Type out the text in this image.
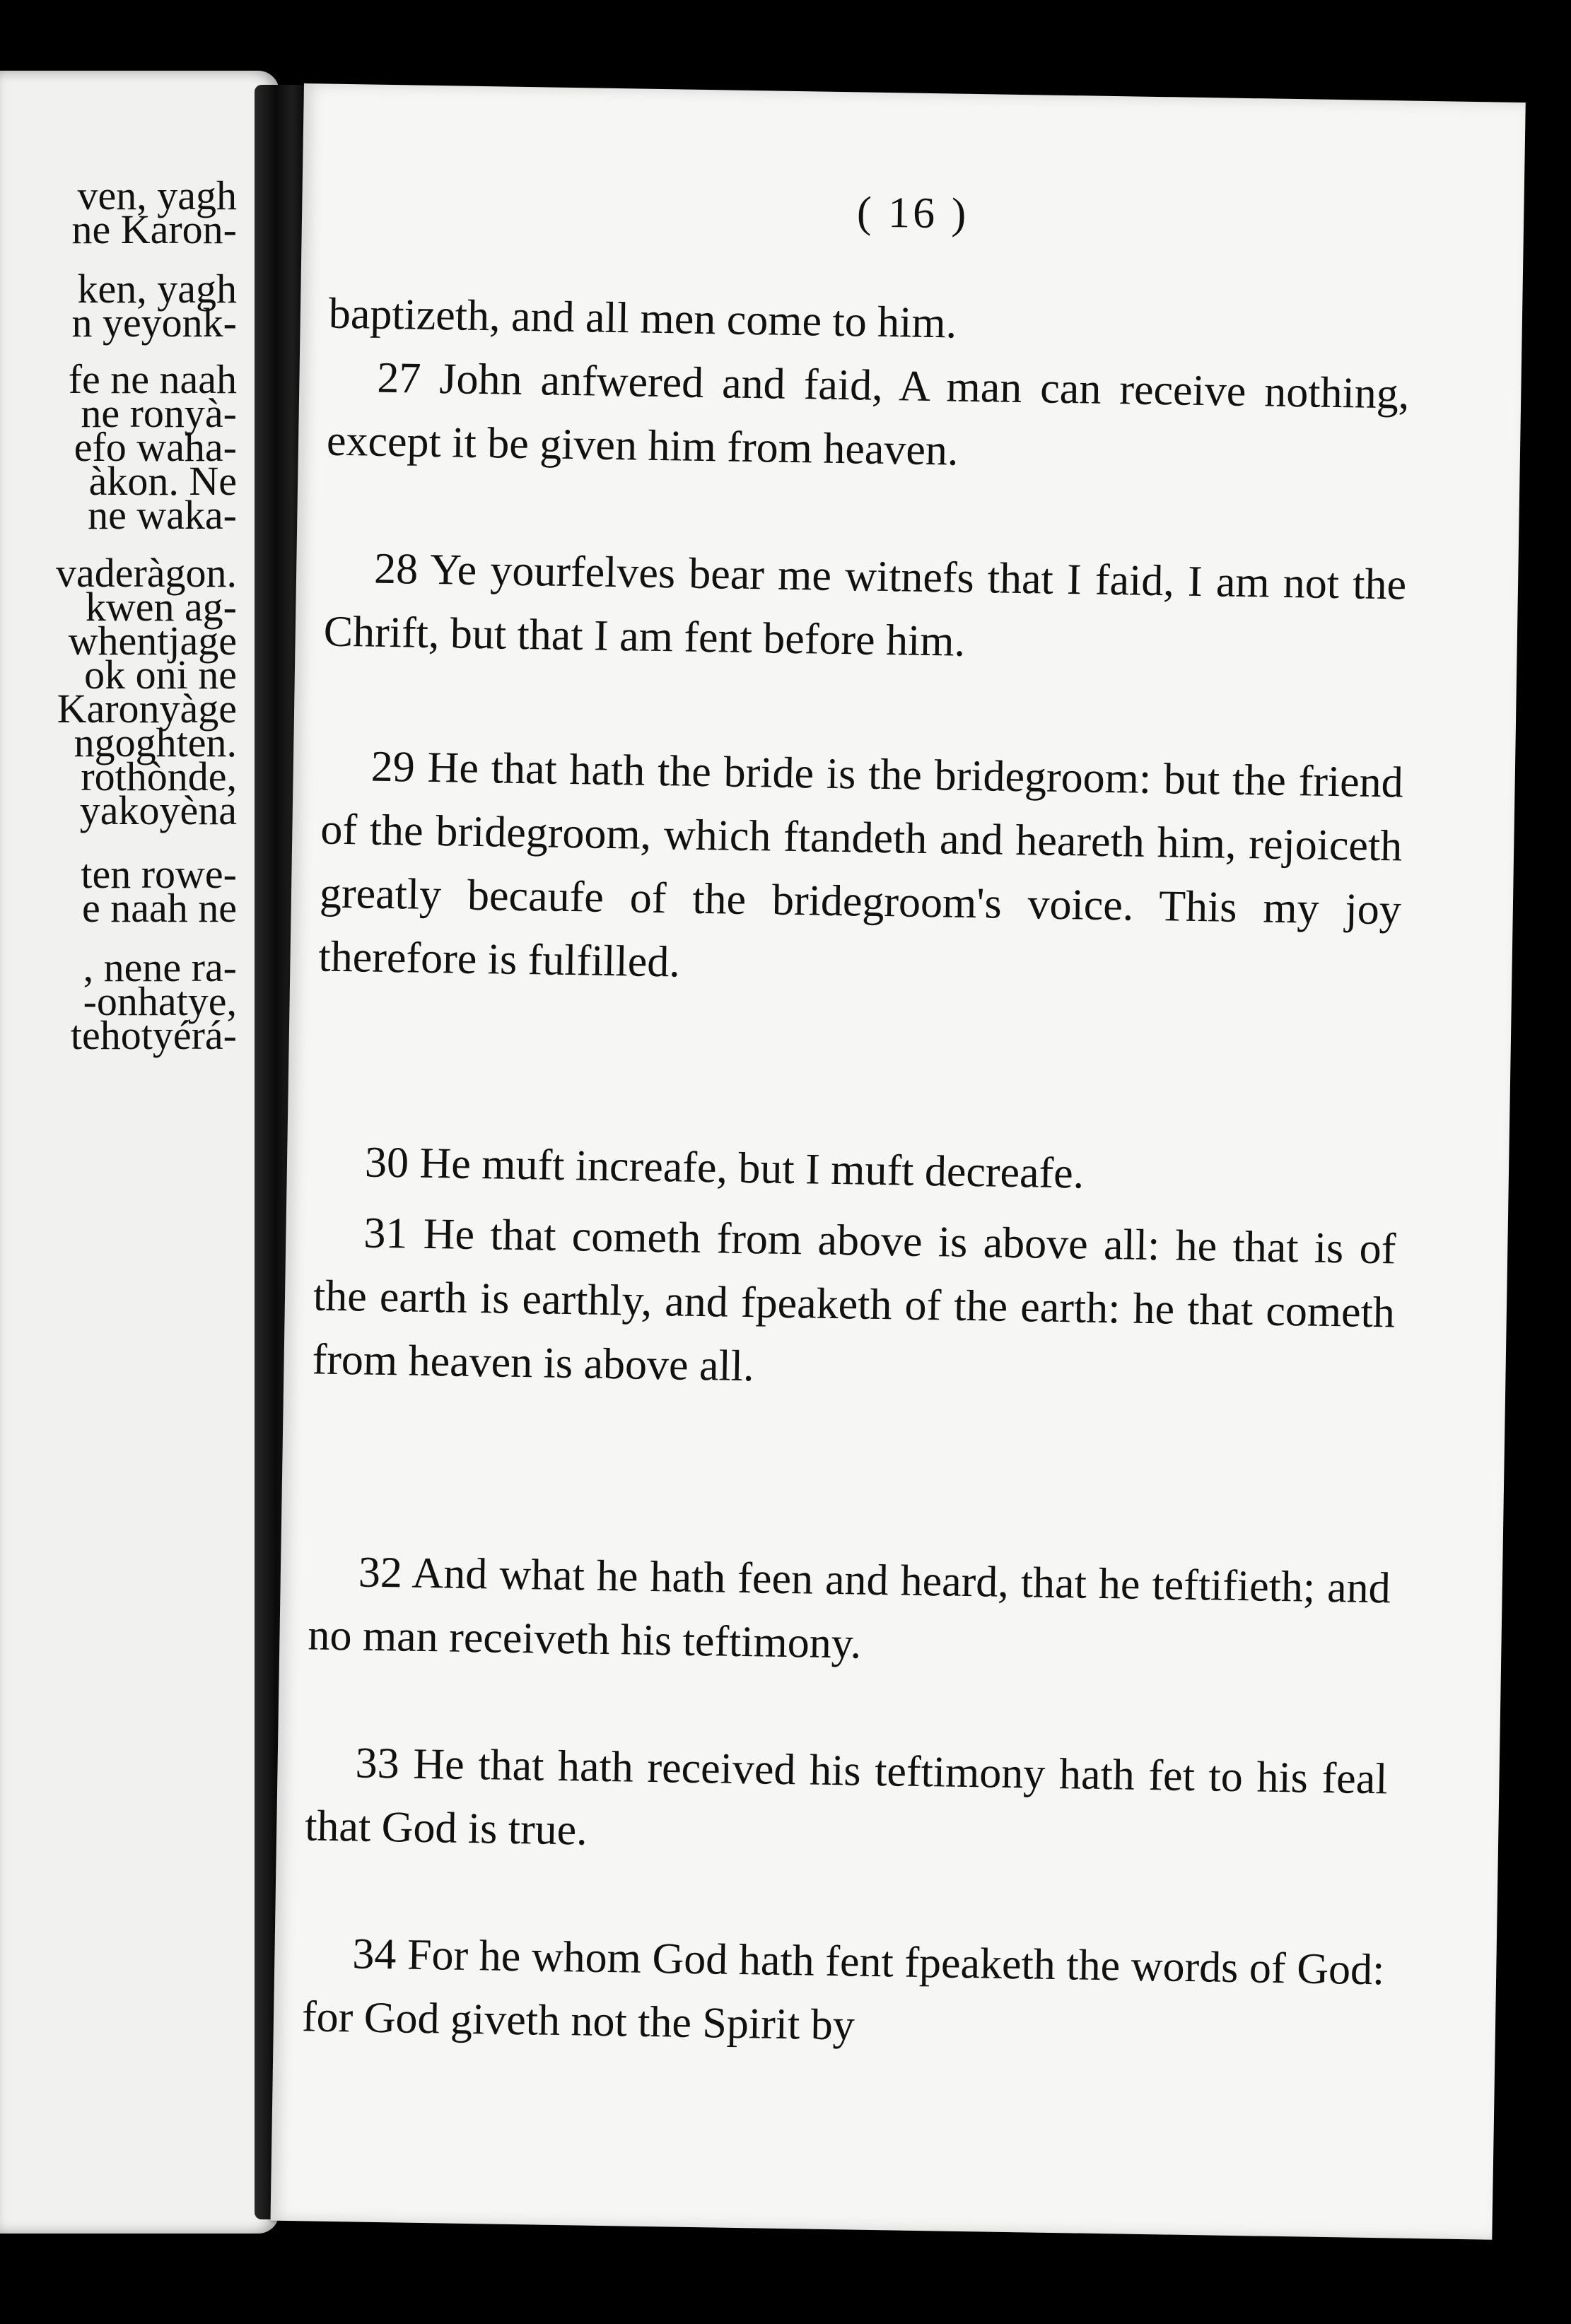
ven, yagh
ne Karon-
ken, yagh
n yeyonk-
fe ne naah
ne ronyà-
efo waha-
àkon. Ne
ne waka-
vaderàgon.
kwen ag-
whentjage
ok oni ne
Karonyàge
ngoghten.
rothònde,
yakoyèna
ten rowe-
e naah ne
, nene ra-
-onhatye,
tehotyérá-
( 16 )

baptizeth, and all men come to him.

27 John anfwered and faid, A man can receive nothing, except it be given him from heaven.

28 Ye yourfelves bear me witnefs that I faid, I am not the Chrift, but that I am fent before him.

29 He that hath the bride is the bridegroom: but the friend of the bridegroom, which ftandeth and heareth him, rejoiceth greatly becaufe of the bridegroom's voice. This my joy therefore is fulfilled.

30 He muft increafe, but I muft decreafe.

31 He that cometh from above is above all: he that is of the earth is earthly, and fpeaketh of the earth: he that cometh from heaven is above all.

32 And what he hath feen and heard, that he teftifieth; and no man receiveth his teftimony.

33 He that hath received his teftimony hath fet to his feal that God is true.

34 For he whom God hath fent fpeaketh the words of God: for God giveth not the Spirit by
